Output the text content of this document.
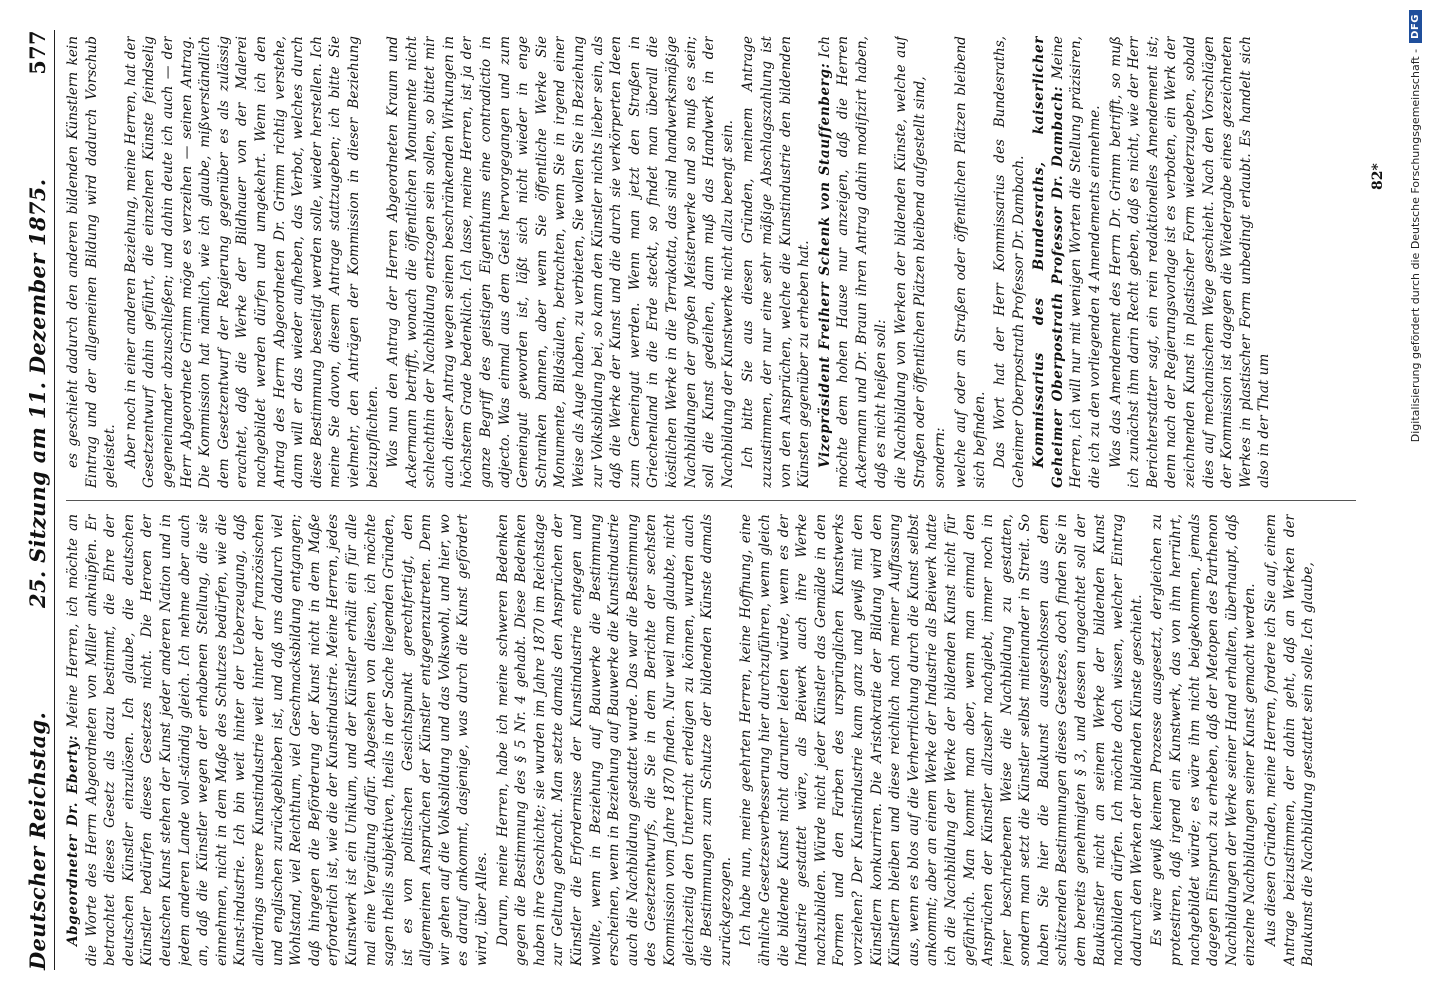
Deutscher Reichstag.
25. Sitzung am 11. Dezember 1875.
577

Abgeordneter Dr. Eberty: Meine Herren, ich möchte an die Worte des Herrn Abgeordneten von Miller anknüpfen. Er betrachtet dieses Gesetz als dazu bestimmt, die Ehre der deutschen Künstler einzulösen. Ich glaube, die deutschen Künstler bedürfen dieses Gesetzes nicht. Die Heroen der deutschen Kunst stehen der Kunst jeder anderen Nation und in jedem anderen Lande voll-ständig gleich. Ich nehme aber auch an, daß die Künstler wegen der erhabenen Stellung, die sie einnehmen, nicht in dem Maße des Schutzes bedürfen, wie die Kunst-industrie. Ich bin weit hinter der Ueberzeugung, daß allerdings unsere Kunstindustrie weit hinter der französischen und englischen zurückgeblieben ist, und daß uns dadurch viel Wohlstand, viel Reichthum, viel Geschmacksbildung entgangen; daß hingegen die Beförderung der Kunst nicht in dem Maße erforderlich ist, wie die der Kunstindustrie. Meine Herren, jedes Kunstwerk ist ein Unikum, und der Künstler erhält ein für alle mal eine Vergütung dafür. Abgesehen von diesen, ich möchte sagen theils subjektiven, theils in der Sache liegenden Gründen, ist es von politischen Gesichtspunkt gerechtfertigt, den allgemeinen Ansprüchen der Künstler entgegenzutreten. Denn wir gehen auf die Volksbildung und das Volkswohl, und hier, wo es darauf ankommt, dasjenige, was durch die Kunst gefördert wird, über Alles. Darum, meine Herren, habe ich meine schweren Bedenken gegen die Bestimmung des § 5 Nr. 4 gehabt. Diese Bedenken haben ihre Geschichte; sie wurden im Jahre 1870 im Reichstage zur Geltung gebracht. Man setzte damals den Ansprüchen der Künstler die Erfordernisse der Kunstindustrie entgegen und wollte, wenn in Beziehung auf Bauwerke die Bestimmung erscheinen, wenn in Beziehung auf Bauwerke die Kunstindustrie auch die Nachbildung gestattet wurde. Das war die Bestimmung des Gesetzentwurfs, die Sie in dem Berichte der sechsten Kommission vom Jahre 1870 finden. Nur weil man glaubte, nicht gleichzeitig den Unterricht erledigen zu können, wurden auch die Bestimmungen zum Schutze der bildenden Künste damals zurückgezogen. Ich habe nun, meine geehrten Herren, keine Hoffnung, eine ähnliche Gesetzesverbesserung hier durchzuführen, wenn gleich die bildende Kunst nicht darunter leiden würde, wenn es der Industrie gestattet wäre, als Beiwerk auch ihre Werke nachzubilden. Würde nicht jeder Künstler das Gemälde in den Formen und den Farben des ursprünglichen Kunstwerks vorziehen? Der Kunstindustrie kann ganz und gewiß mit den Künstlern konkurriren. Die Aristokratie der Bildung wird den Künstlern bleiben und diese reichlich nach meiner Auffassung aus, wenn es blos auf die Verherrlichung durch die Kunst selbst ankommt; aber an einem Werke der Industrie als Beiwerk hatte ich die Nachbildung der Werke der bildenden Kunst nicht für gefährlich. Man kommt man aber, wenn man einmal den Ansprüchen der Künstler allzusehr nachgiebt, immer noch in jener beschriebenen Weise die Nachbildung zu gestatten, sondern man setzt die Künstler selbst miteinander in Streit. So haben Sie hier die Baukunst ausgeschlossen aus dem schützenden Bestimmungen dieses Gesetzes, doch finden Sie in dem bereits genehmigten § 3, und dessen ungeachtet soll der Baukünstler nicht an seinem Werke der bildenden Kunst nachbilden dürfen. Ich möchte doch wissen, welcher Eintrag dadurch den Werken der bildenden Künste geschieht. Es wäre gewiß keinem Prozesse ausgesetzt, dergleichen zu protestiren, daß irgend ein Kunstwerk, das von ihm herrührt, nachgebildet würde; es wäre ihm nicht beigekommen, jemals dagegen Einspruch zu erheben, daß der Metopen des Parthenon Nachbildungen der Werke seiner Hand erhalten, überhaupt, daß einzelne Nachbildungen seiner Kunst gemacht werden. Aus diesen Gründen, meine Herren, fordere ich Sie auf, einem Antrage beizustimmen, der dahin geht, daß an Werken der Baukunst die Nachbildung gestattet sein solle. Ich glaube,

es geschieht dadurch den anderen bildenden Künstlern kein Eintrag und der allgemeinen Bildung wird dadurch Vorschub geleistet. Aber noch in einer anderen Beziehung, meine Herren, hat der Gesetzentwurf dahin geführt, die einzelnen Künste feindselig gegeneinander abzuschließen; und dahin deute ich auch — der Herr Abgeordnete Grimm möge es verzeihen — seinen Antrag. Die Kommission hat nämlich, wie ich glaube, mißverständlich dem Gesetzentwurf der Regierung gegenüber es als zulässig erachtet, daß die Werke der Bildhauer von der Malerei nachgebildet werden dürfen und umgekehrt. Wenn ich den Antrag des Herrn Abgeordneten Dr. Grimm richtig verstehe, dann will er das wieder aufheben, das Verbot, welches durch diese Bestimmung beseitigt werden solle, wieder herstellen. Ich meine Sie davon, diesem Antrage stattzugeben; ich bitte Sie vielmehr, den Anträgen der Kommission in dieser Beziehung beizupflichten. Was nun den Antrag der Herren Abgeordneten Kraum und Ackermann betrifft, wonach die öffentlichen Monumente nicht schlechthin der Nachbildung entzogen sein sollen, so bittet mir auch dieser Antrag wegen seinen beschränkenden Wirkungen in höchstem Grade bedenklich. Ich lasse, meine Herren, ist ja der ganze Begriff des geistigen Eigenthums eine contradictio in adjecto. Was einmal aus dem Geist hervorgegangen und zum Gemeingut geworden ist, läßt sich nicht wieder in enge Schranken bannen, aber wenn Sie öffentliche Werke Sie Monumente, Bildsäulen, betrachten, wenn Sie in irgend einer Weise als Auge haben, zu verbieten, Sie wollen Sie in Beziehung zur Volksbildung bei, so kann den Künstler nichts lieber sein, als daß die Werke der Kunst und die durch sie verkörperten Ideen zum Gemeingut werden. Wenn man jetzt den Straßen in Griechenland in die Erde steckt, so findet man überall die köstlichen Werke in die Terrakotta, das sind handwerksmäßige Nachbildungen der großen Meisterwerke und so muß es sein; soll die Kunst gedeihen, dann muß das Handwerk in der Nachbildung der Kunstwerke nicht allzu beengt sein. Ich bitte Sie aus diesen Gründen, meinem Antrage zuzustimmen, der nur eine sehr mäßige Abschlagszahlung ist von den Ansprüchen, welche die Kunstindustrie den bildenden Künsten gegenüber zu erheben hat. Vizepräsident Freiherr Schenk von Stauffenberg: Ich möchte dem hohen Hause nur anzeigen, daß die Herren Ackermann und Dr. Braun ihren Antrag dahin modifizirt haben, daß es nicht heißen soll: die Nachbildung von Werken der bildenden Künste, welche auf Straßen oder öffentlichen Plätzen bleibend aufgestellt sind, sondern: welche auf oder an Straßen oder öffentlichen Plätzen bleibend sich befinden. Das Wort hat der Herr Kommissarius des Bundesraths, Geheimer Oberpostrath Professor Dr. Dambach. Kommissarius des Bundesraths, kaiserlicher Geheimer Oberpostrath Professor Dr. Dambach: Meine Herren, ich will nur mit wenigen Worten die Stellung präzisiren, die ich zu den vorliegenden 4 Amendements einnehme. Was das Amendement des Herrn Dr. Grimm betrifft, so muß ich zunächst ihm darin Recht geben, daß es nicht, wie der Herr Berichterstatter sagt, ein rein redaktionelles Amendement ist; denn nach der Regierungsvorlage ist es verboten, ein Werk der zeichnenden Kunst in plastischer Form wiederzugeben, sobald dies auf mechanischem Wege geschieht. Nach den Vorschlägen der Kommission ist dagegen die Wiedergabe eines gezeichneten Werkes in plastischer Form unbedingt erlaubt. Es handelt sich also in der That um

82* Digitalisierung gefördert durch die Deutsche Forschungsgemeinschaft -
DFG
